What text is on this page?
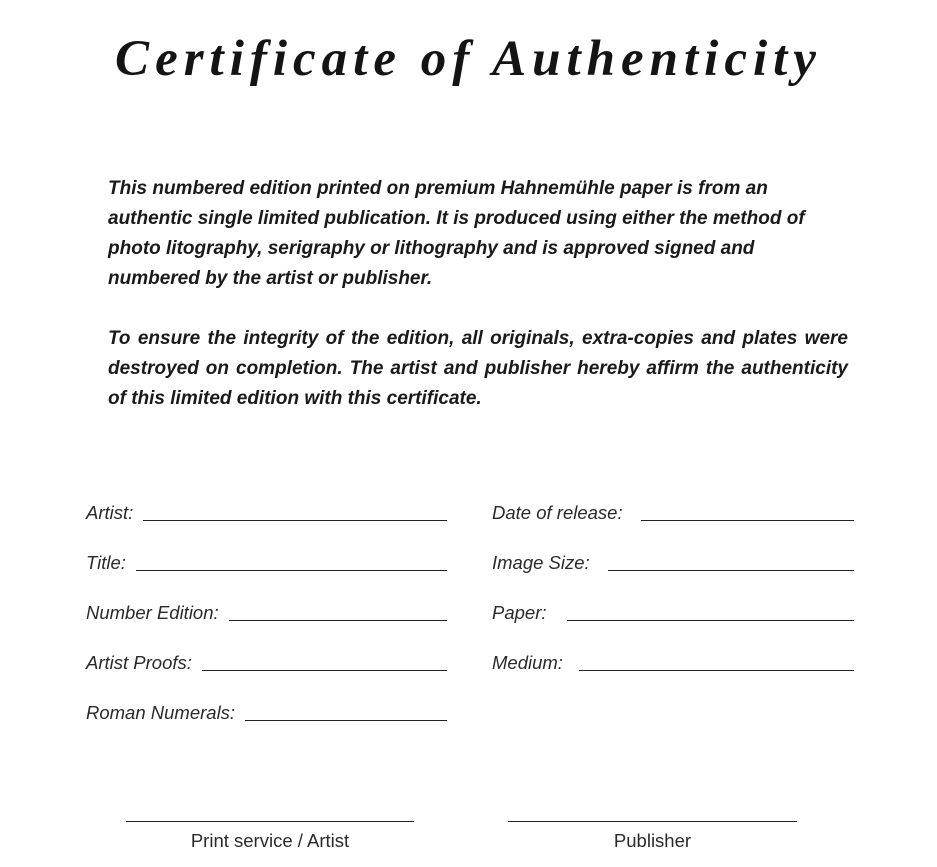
Certificate of Authenticity

This numbered edition printed on premium Hahnemühle paper is from an authentic single limited publication. It is produced using either the method of photo litography, serigraphy or lithography and is approved signed and numbered by the artist or publisher.

To ensure the integrity of the edition, all originals, extra-copies and plates were destroyed on completion. The artist and publisher hereby affirm the authenticity of this limited edition with this certificate.

Artist:
Title:
Number Edition:
Artist Proofs:
Roman Numerals:
Date of release:
Image Size:
Paper:
Medium:
Print service / Artist	Publisher
